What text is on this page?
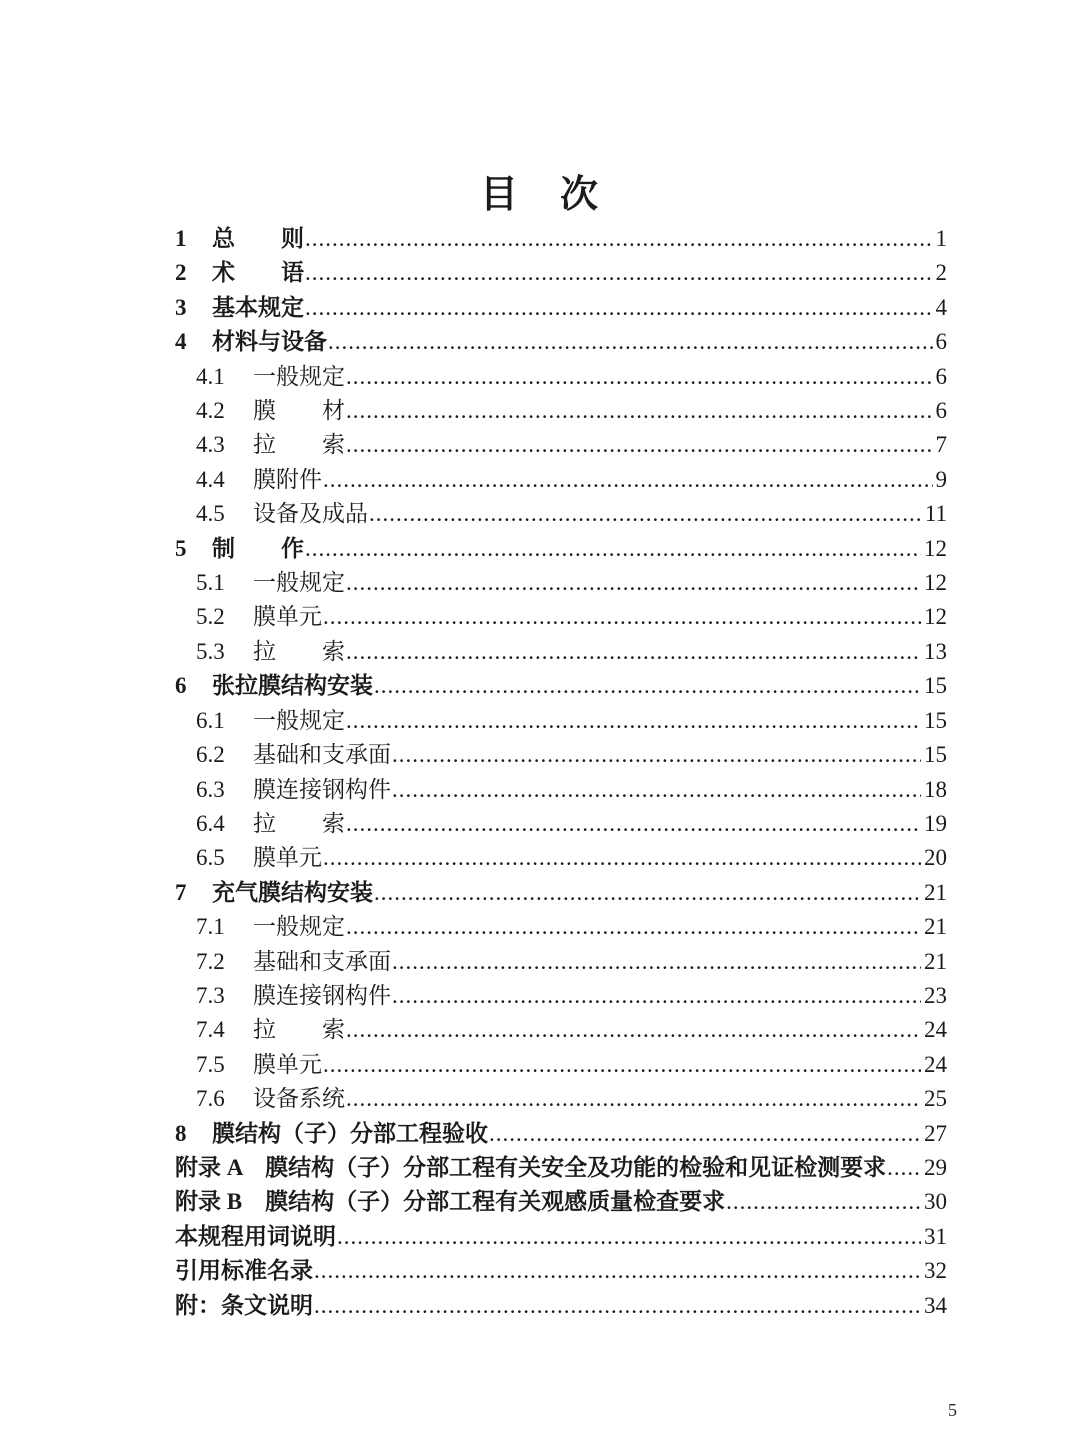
目　次
1	总　　则 .....	1
2	术　　语 .....	2
3	基本规定 .....	4
4	材料与设备 .....	6
4.1	一般规定 .....	6
4.2	膜　　材 .....	6
4.3	拉　　索 .....	7
4.4	膜附件 .....	9
4.5	设备及成品 .....	11
5	制　　作 .....	12
5.1	一般规定 .....	12
5.2	膜单元 .....	12
5.3	拉　　索 .....	13
6	张拉膜结构安装 .....	15
6.1	一般规定 .....	15
6.2	基础和支承面 .....	15
6.3	膜连接钢构件 .....	18
6.4	拉　　索 .....	19
6.5	膜单元 .....	20
7	充气膜结构安装 .....	21
7.1	一般规定 .....	21
7.2	基础和支承面 .....	21
7.3	膜连接钢构件 .....	23
7.4	拉　　索 .....	24
7.5	膜单元 .....	24
7.6	设备系统 .....	25
8	膜结构（子）分部工程验收 .....	27
附录 A　膜结构（子）分部工程有关安全及功能的检验和见证检测要求 ..... 29
附录 B　膜结构（子）分部工程有关观感质量检查要求 .....	30
本规程用词说明 .....	31
引用标准名录 .....	32
附：条文说明 .....	34
5
